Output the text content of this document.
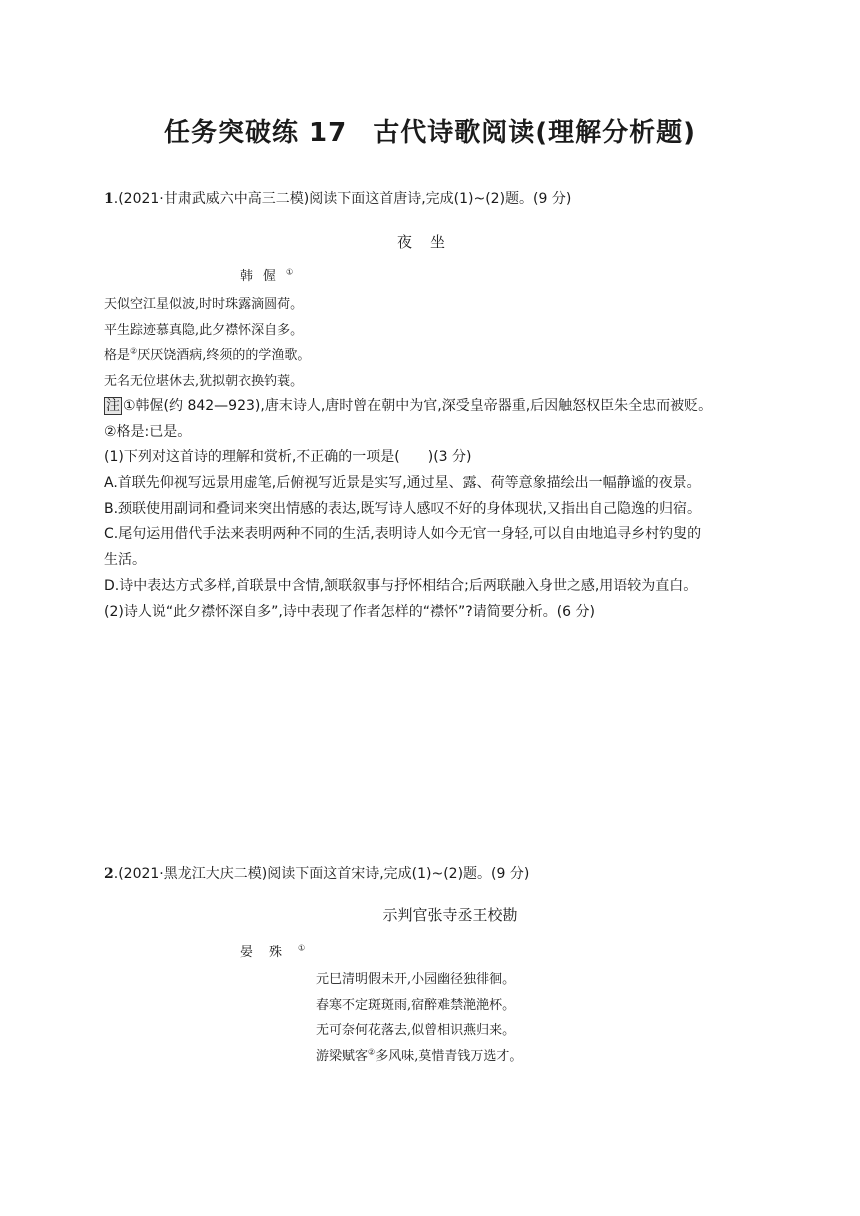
任务突破练 17 古代诗歌阅读(理解分析题)
1.(2021·甘肃武威六中高三二模)阅读下面这首唐诗,完成(1)~(2)题。(9 分)
夜坐
韩偓①
天似空江星似波,时时珠露滴圆荷。
平生踪迹慕真隐,此夕襟怀深自多。
格是②厌厌饶酒病,终须的的学渔歌。
无名无位堪休去,犹拟朝衣换钓蓑。
注 ①韩偓(约 842—923),唐末诗人,唐时曾在朝中为官,深受皇帝器重,后因触怒权臣朱全忠而被贬。
②格是:已是。
(1)下列对这首诗的理解和赏析,不正确的一项是( )(3 分)
A.首联先仰视写远景用虚笔,后俯视写近景是实写,通过星、露、荷等意象描绘出一幅静谧的夜景。
B.颈联使用副词和叠词来突出情感的表达,既写诗人感叹不好的身体现状,又指出自己隐逸的归宿。
C.尾句运用借代手法来表明两种不同的生活,表明诗人如今无官一身轻,可以自由地追寻乡村钓叟的
生活。
D.诗中表达方式多样,首联景中含情,颔联叙事与抒怀相结合;后两联融入身世之感,用语较为直白。
(2)诗人说“此夕襟怀深自多”,诗中表现了作者怎样的“襟怀”?请简要分析。(6 分)
2.(2021·黑龙江大庆二模)阅读下面这首宋诗,完成(1)~(2)题。(9 分)
示判官张寺丞王校勘
晏殊①
元巳清明假未开,小园幽径独徘徊。
春寒不定斑斑雨,宿醉难禁滟滟杯。
无可奈何花落去,似曾相识燕归来。
游梁赋客②多风味,莫惜青钱万选才。
